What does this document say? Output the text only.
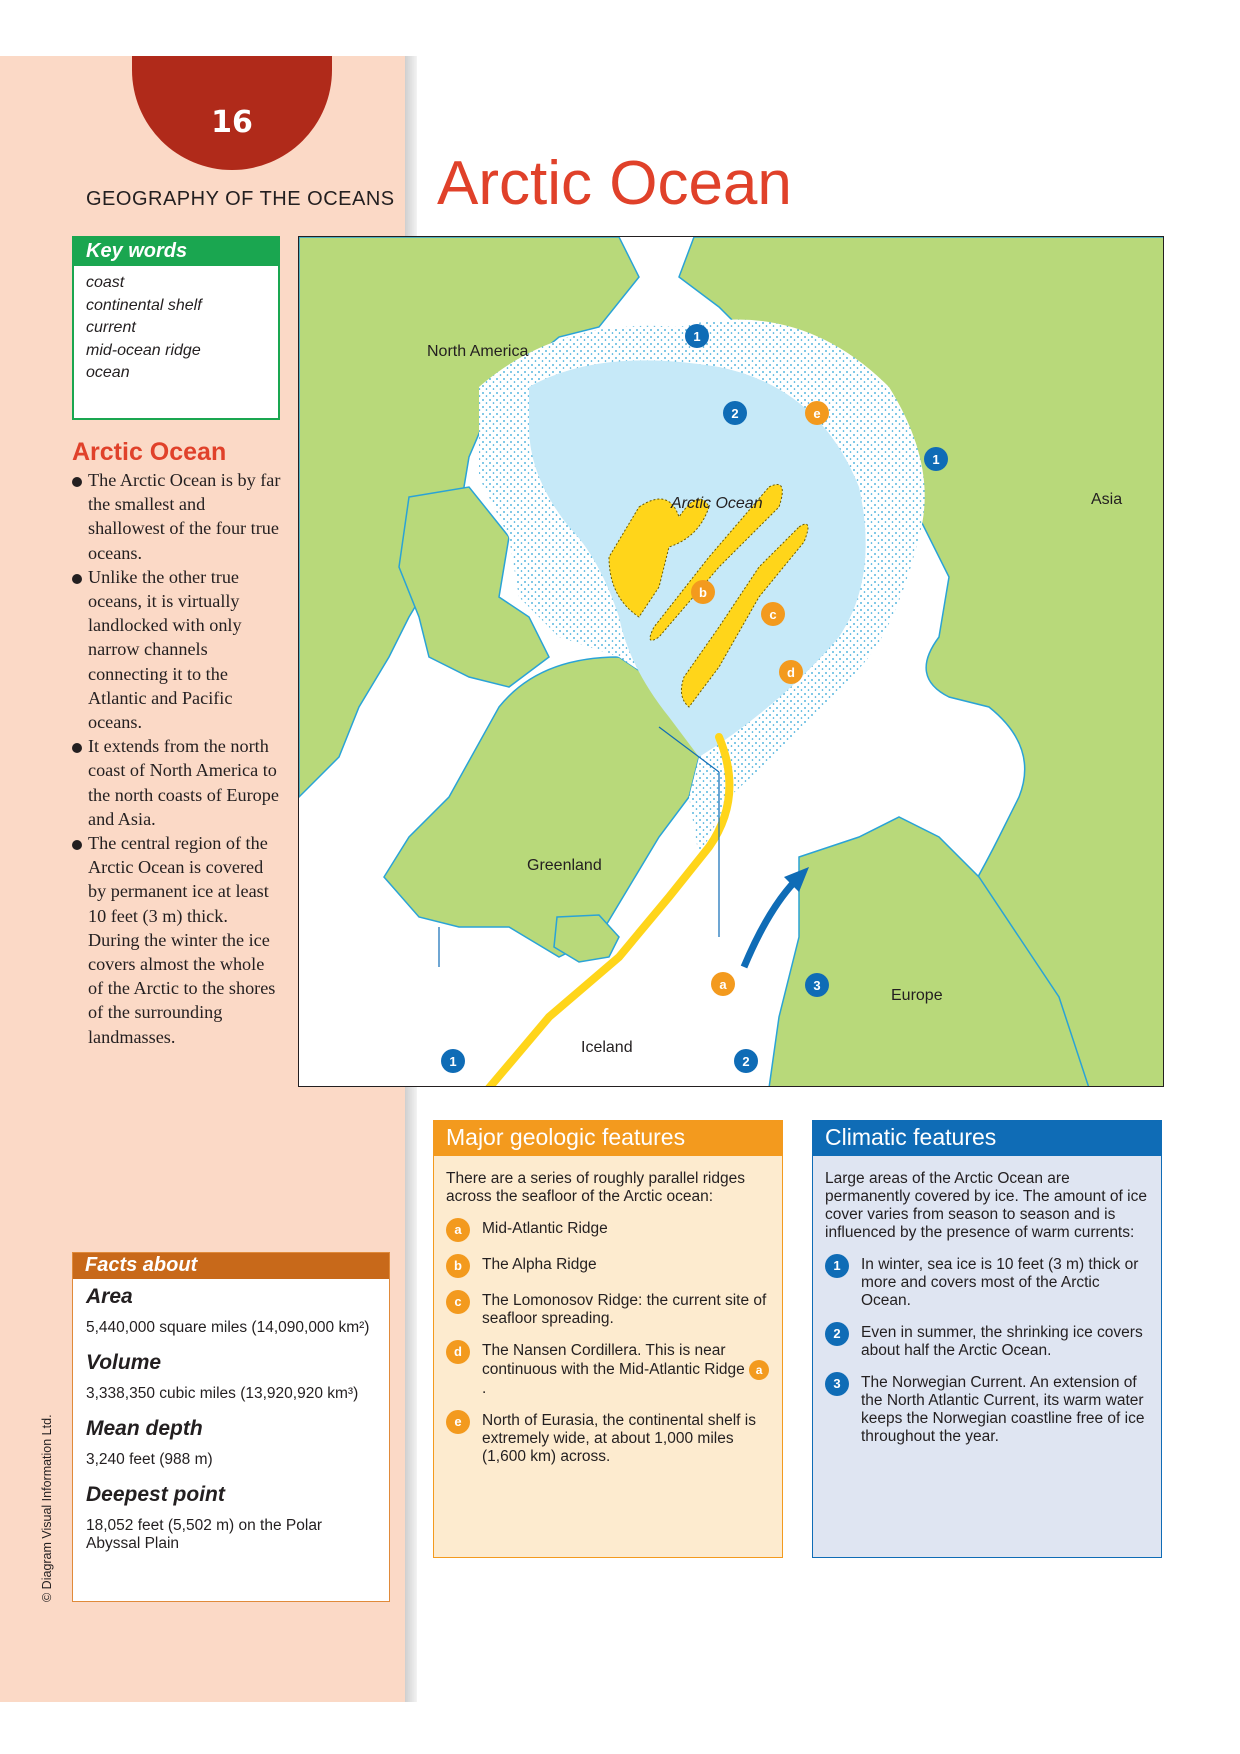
16
GEOGRAPHY OF THE OCEANS Arctic Ocean
Key words
coast
continental shelf
current
mid-ocean ridge
ocean
Arctic Ocean
The Arctic Ocean is by far the smallest and shallowest of the four true oceans.
Unlike the other true oceans, it is virtually landlocked with only narrow channels connecting it to the Atlantic and Pacific oceans.
It extends from the north coast of North America to the north coasts of Europe and Asia.
The central region of the Arctic Ocean is covered by permanent ice at least 10 feet (3 m) thick. During the winter the ice covers almost the whole of the Arctic to the shores of the surrounding landmasses.
Facts about
Area
5,440,000 square miles (14,090,000 km²)
Volume
3,338,350 cubic miles (13,920,920 km³)
Mean depth
3,240 feet (988 m)
Deepest point
18,052 feet (5,502 m) on the Polar Abyssal Plain
© Diagram Visual Information Ltd.
1
1
1
2
2
3
a
b
c
d
e
North America
Arctic Ocean	Asia
Greenland
Europe
Iceland
Major geologic features
There are a series of roughly parallel ridges across the seafloor of the Arctic ocean:
a	Mid-Atlantic Ridge
b	The Alpha Ridge
c	The Lomonosov Ridge: the current site of seafloor spreading.
d	The Nansen Cordillera. This is near continuous with the Mid-Atlantic Ridge a.
e	North of Eurasia, the continental shelf is extremely wide, at about 1,000 miles (1,600 km) across.
Climatic features
Large areas of the Arctic Ocean are permanently covered by ice. The amount of ice cover varies from season to season and is influenced by the presence of warm currents:
1	In winter, sea ice is 10 feet (3 m) thick or more and covers most of the Arctic Ocean.
2	Even in summer, the shrinking ice covers about half the Arctic Ocean.
3	The Norwegian Current. An extension of the North Atlantic Current, its warm water keeps the Norwegian coastline free of ice throughout the year.
